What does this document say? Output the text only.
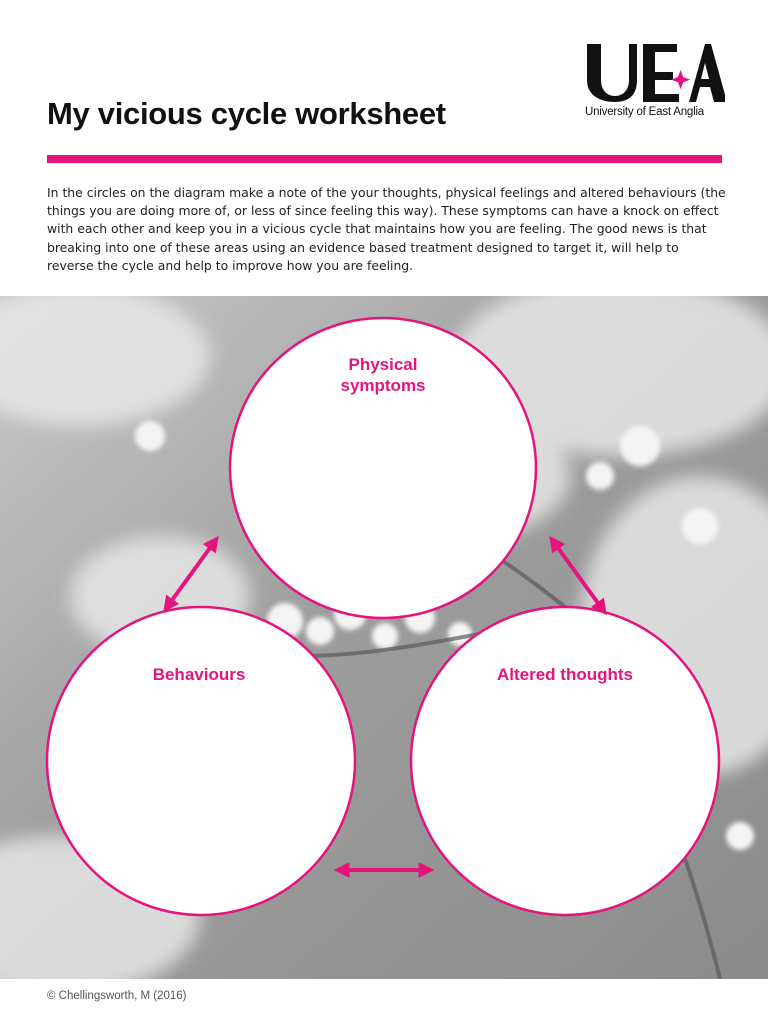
My vicious cycle worksheet	University of East Anglia

In the circles on the diagram make a note of the your thoughts, physical feelings and altered behaviours (the things you are doing more of, or less of since feeling this way). These symptoms can have a knock on effect with each other and keep you in a vicious cycle that maintains how you are feeling. The good news is that breaking into one of these areas using an evidence based treatment designed to target it, will help to reverse the cycle and help to improve how you are feeling.

Physical
symptoms
Behaviours	Altered thoughts
© Chellingsworth, M (2016)
